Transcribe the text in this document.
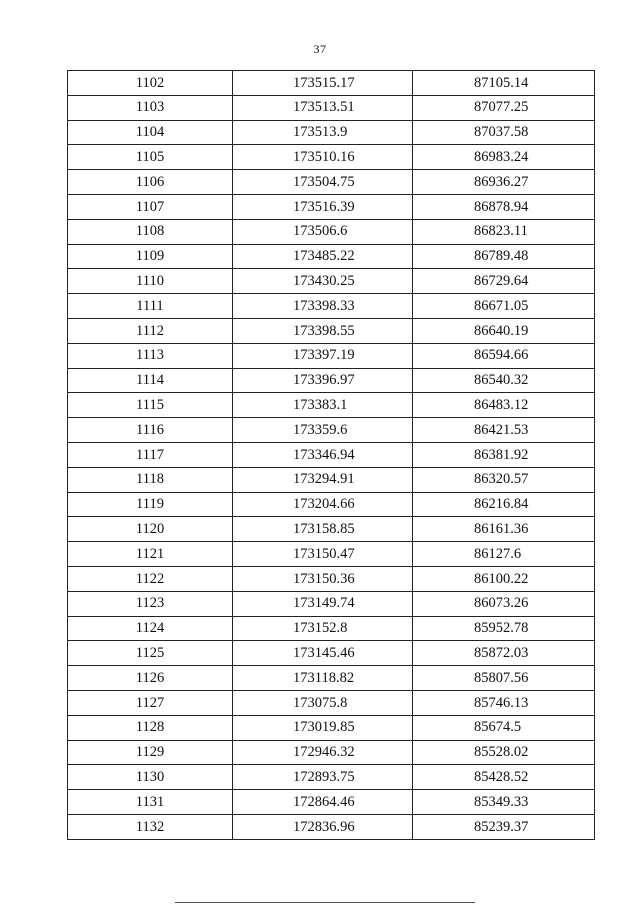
37
1102	173515.17	87105.14
1103	173513.51	87077.25
1104	173513.9	87037.58
1105	173510.16	86983.24
1106	173504.75	86936.27
1107	173516.39	86878.94
1108	173506.6	86823.11
1109	173485.22	86789.48
1110	173430.25	86729.64
1111	173398.33	86671.05
1112	173398.55	86640.19
1113	173397.19	86594.66
1114	173396.97	86540.32
1115	173383.1	86483.12
1116	173359.6	86421.53
1117	173346.94	86381.92
1118	173294.91	86320.57
1119	173204.66	86216.84
1120	173158.85	86161.36
1121	173150.47	86127.6
1122	173150.36	86100.22
1123	173149.74	86073.26
1124	173152.8	85952.78
1125	173145.46	85872.03
1126	173118.82	85807.56
1127	173075.8	85746.13
1128	173019.85	85674.5
1129	172946.32	85528.02
1130	172893.75	85428.52
1131	172864.46	85349.33
1132	172836.96	85239.37
